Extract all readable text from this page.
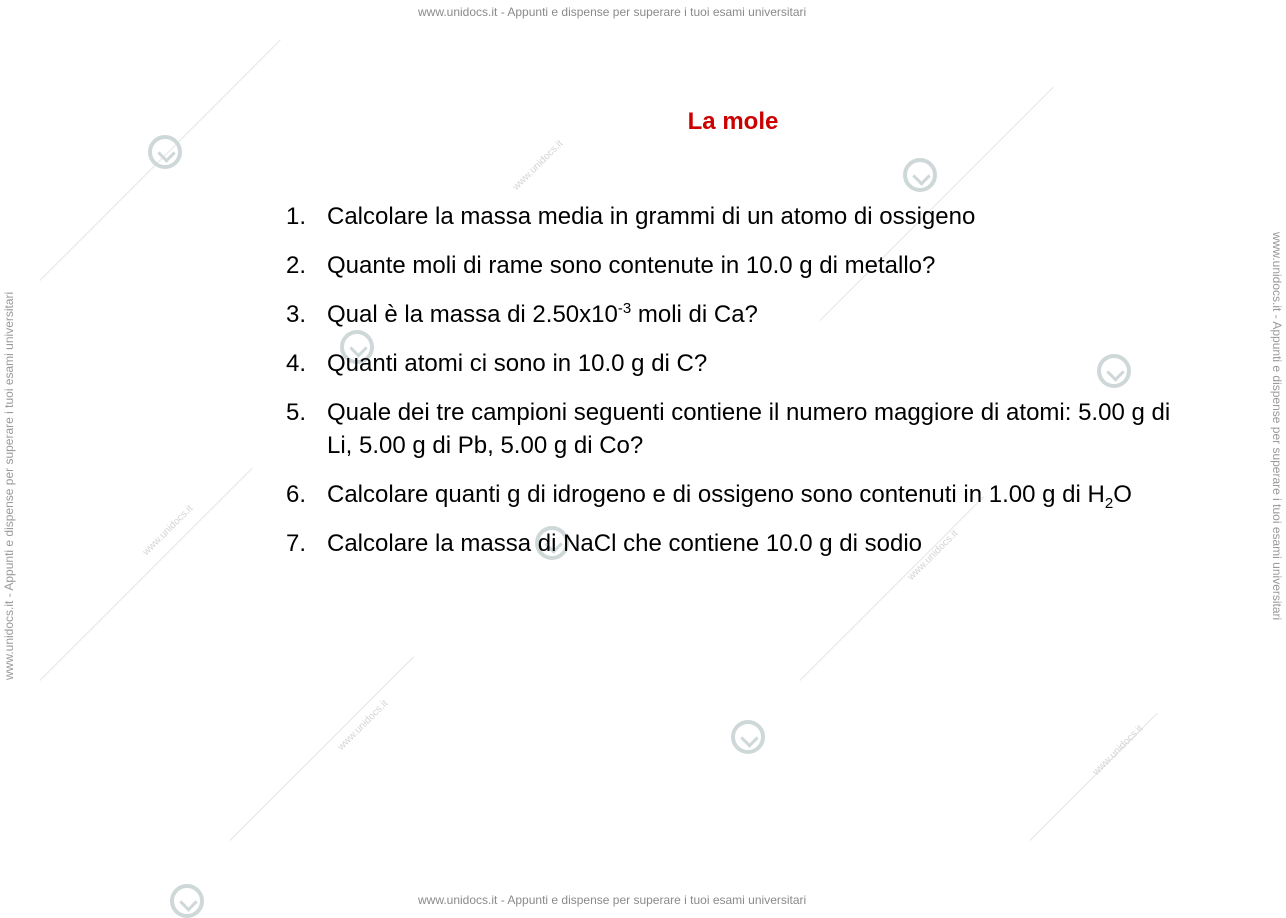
www.unidocs.it
www.unidocs.it	www.unidocs.it
www.unidocs.it	www.unidocs.it
www.unidocs.it - Appunti e dispense per superare i tuoi esami universitari
www.unidocs.it - Appunti e dispense per superare i tuoi esami universitari
www.unidocs.it - Appunti e dispense per superare i tuoi esami universitari	www.unidocs.it - Appunti e dispense per superare i tuoi esami universitari
La mole
1. Calcolare la massa media in grammi di un atomo di ossigeno
2. Quante moli di rame sono contenute in 10.0 g di metallo?
3. Qual è la massa di $2.50x10^{-3}$ moli di Ca?
4. Quanti atomi ci sono in 10.0 g di C?
5. Quale dei tre campioni seguenti contiene il numero maggiore di atomi: 5.00 g di Li, 5.00 g di Pb, 5.00 g di Co?
6. Calcolare quanti g di idrogeno e di ossigeno sono contenuti in 1.00 g di $H_2O$
7. Calcolare la massa di NaCl che contiene 10.0 g di sodio
